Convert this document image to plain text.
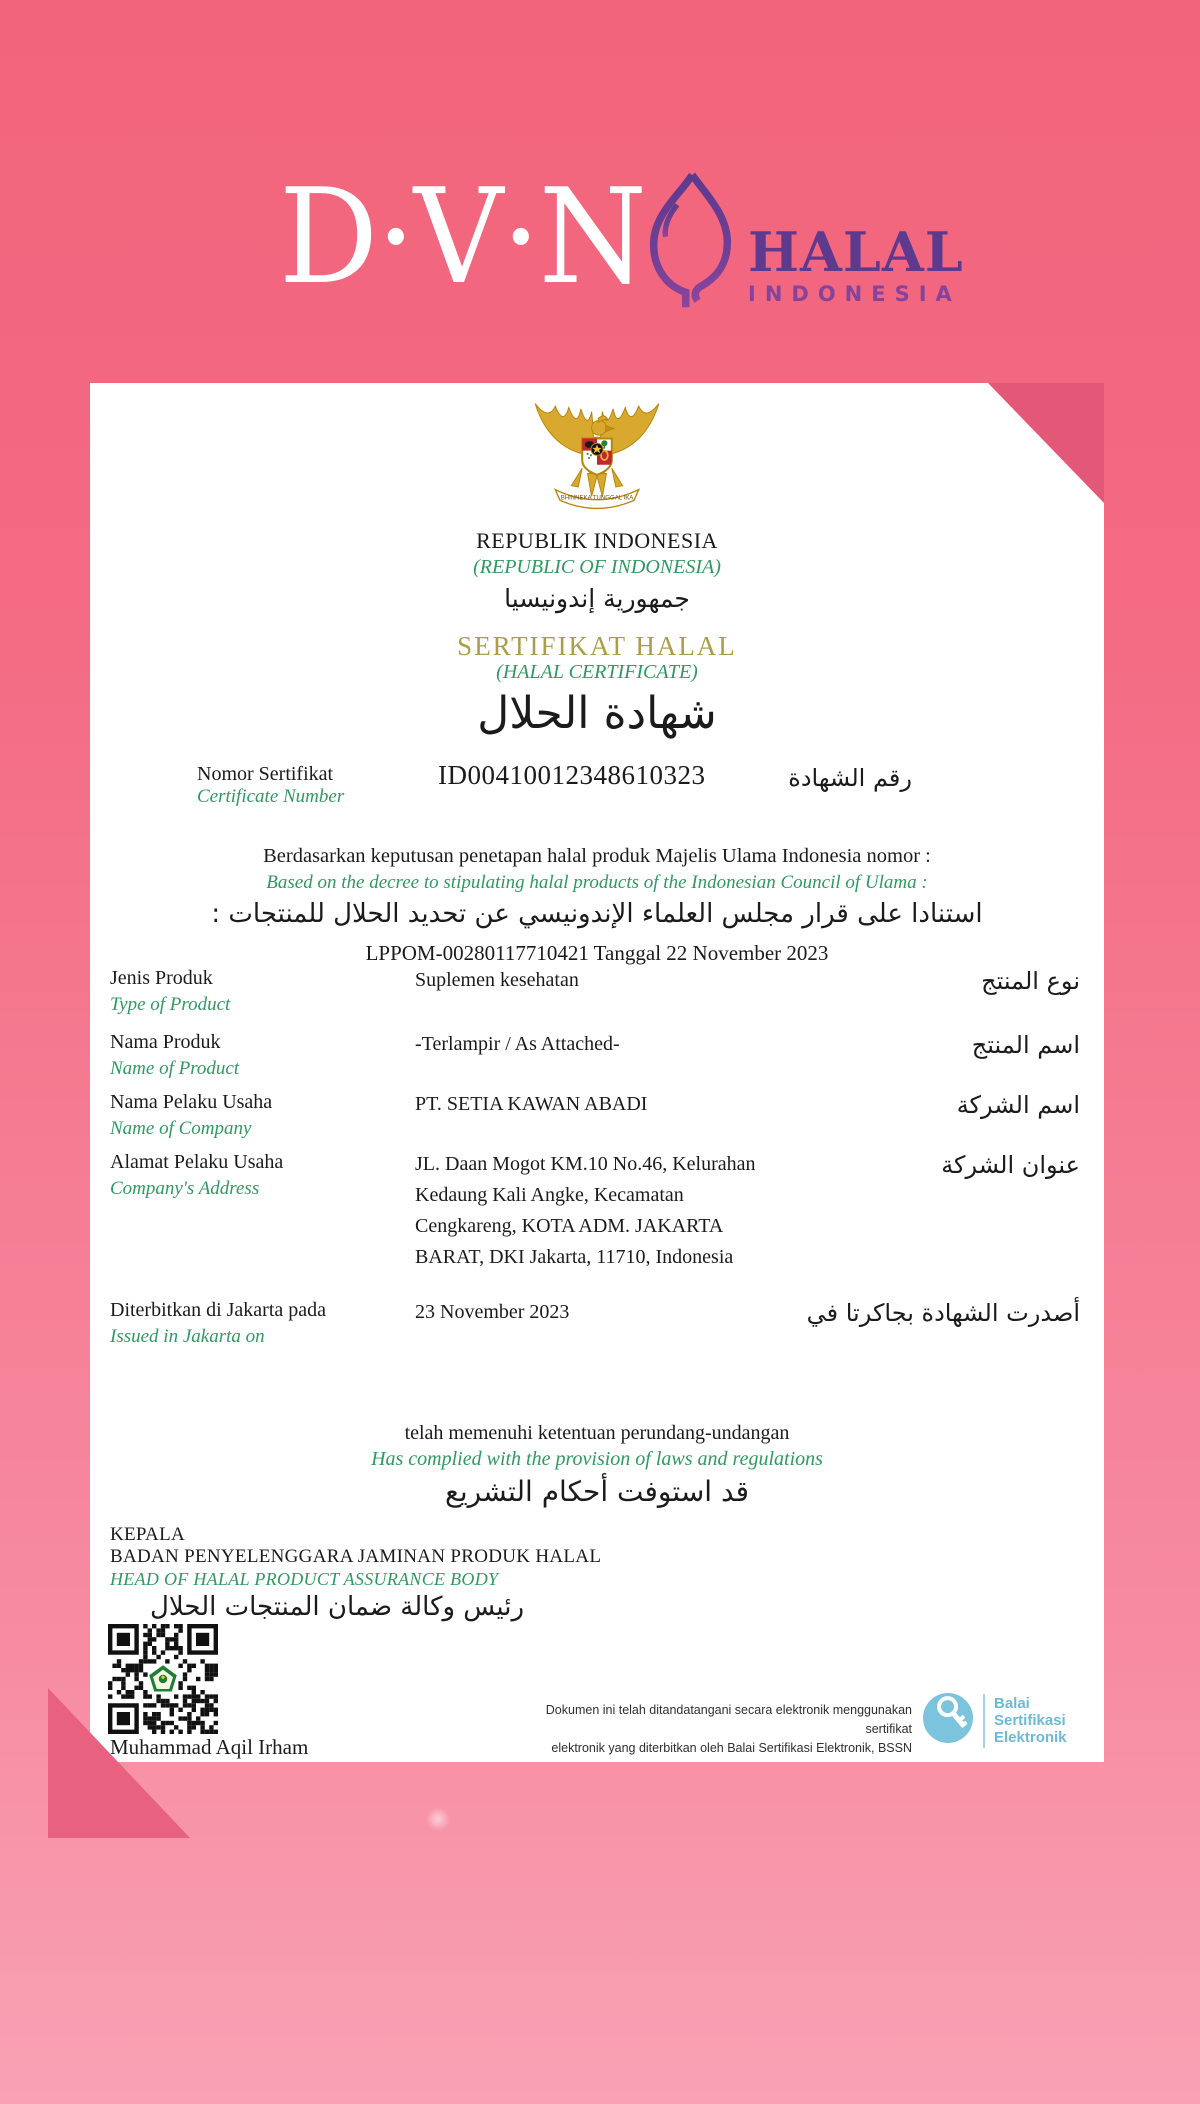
D·V·N HALAL
INDONESIA
BHINNEKA TUNGGAL IKA
REPUBLIK INDONESIA
(REPUBLIC OF INDONESIA)
جمهورية إندونيسيا
SERTIFIKAT HALAL
(HALAL CERTIFICATE)
شهادة الحلال
Nomor Sertifikat
Certificate Number
ID00410012348610323	رقم الشهادة
Berdasarkan keputusan penetapan halal produk Majelis Ulama Indonesia nomor :
Based on the decree to stipulating halal products of the Indonesian Council of Ulama :
استنادا على قرار مجلس العلماء الإندونيسي عن تحديد الحلال للمنتجات :
LPPOM-00280117710421 Tanggal 22 November 2023
Jenis Produk
Type of Product
Suplemen kesehatan	نوع المنتج
Nama Produk
Name of Product
-Terlampir / As Attached-	اسم المنتج
Nama Pelaku Usaha
Name of Company
PT. SETIA KAWAN ABADI	اسم الشركة
Alamat Pelaku Usaha
Company's Address
JL. Daan Mogot KM.10 No.46, Kelurahan Kedaung Kali Angke, Kecamatan Cengkareng, KOTA ADM. JAKARTA BARAT, DKI Jakarta, 11710, Indonesia
عنوان الشركة
Diterbitkan di Jakarta pada
Issued in Jakarta on
23 November 2023	أصدرت الشهادة بجاكرتا في
telah memenuhi ketentuan perundang-undangan
Has complied with the provision of laws and regulations
قد استوفت أحكام التشريع
KEPALA
BADAN PENYELENGGARA JAMINAN PRODUK HALAL
HEAD OF HALAL PRODUCT ASSURANCE BODY
رئيس وكالة ضمان المنتجات الحلال
Muhammad Aqil Irham
Dokumen ini telah ditandatangani secara elektronik menggunakan sertifikat
elektronik yang diterbitkan oleh Balai Sertifikasi Elektronik, BSSN
Balai
Sertifikasi
Elektronik
